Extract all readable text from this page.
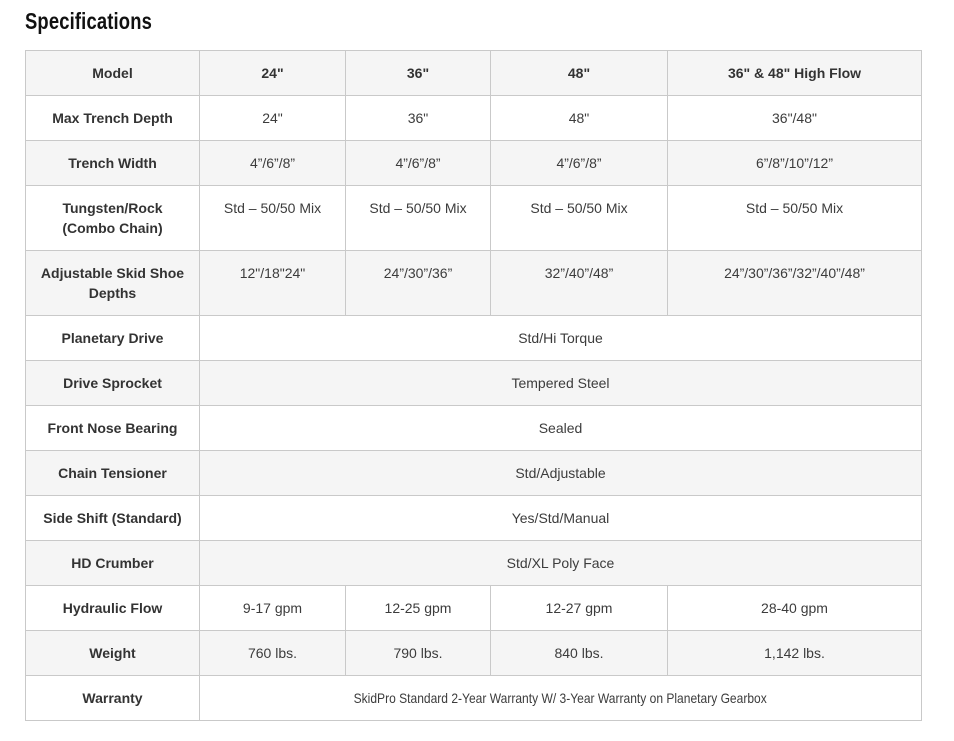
Specifications
Model	24"	36"	48"	36" & 48" High Flow
Max Trench Depth	24"	36"	48"	36"/48"
Trench Width	4”/6”/8”	4”/6”/8”	4”/6”/8”	6”/8”/10”/12”
Tungsten/Rock (Combo Chain)	Std – 50/50 Mix	Std – 50/50 Mix	Std – 50/50 Mix	Std – 50/50 Mix
Adjustable Skid Shoe Depths	12"/18"24"	24”/30”/36”	32”/40”/48”	24”/30”/36”/32”/40”/48”
Planetary Drive	Std/Hi Torque			
Drive Sprocket	Tempered Steel			
Front Nose Bearing	Sealed			
Chain Tensioner	Std/Adjustable			
Side Shift (Standard)	Yes/Std/Manual			
HD Crumber	Std/XL Poly Face			
Hydraulic Flow	9-17 gpm	12-25 gpm	12-27 gpm	28-40 gpm
Weight	760 lbs.	790 lbs.	840 lbs.	1,142 lbs.
Warranty	SkidPro Standard 2-Year Warranty W/ 3-Year Warranty on Planetary Gearbox			
